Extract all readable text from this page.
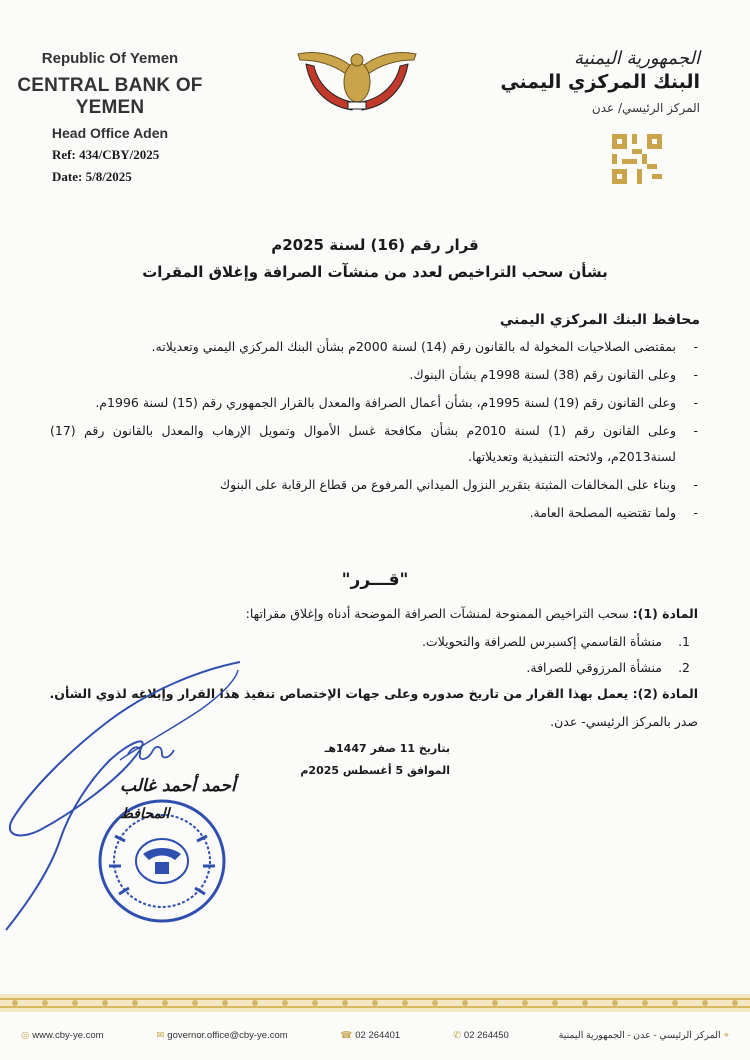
Republic Of Yemen
CENTRAL BANK OF YEMEN
Head Office Aden
Ref: 434/CBY/2025
Date: 5/8/2025
الجمهورية اليمنية
البنك المركزي اليمني
المركز الرئيسي/ عدن
قرار رقم (16) لسنة 2025م
بشأن سحب التراخيص لعدد من منشآت الصرافة وإغلاق المقرات
محافظ البنك المركزي اليمني
- بمقتضى الصلاحيات المخولة له بالقانون رقم (14) لسنة 2000م بشأن البنك المركزي اليمني وتعديلاته.
- وعلى القانون رقم (38) لسنة 1998م بشأن البنوك.
- وعلى القانون رقم (19) لسنة 1995م، بشأن أعمال الصرافة والمعدل بالقرار الجمهوري رقم (15) لسنة 1996م.
- وعلى القانون رقم (1) لسنة 2010م بشأن مكافحة غسل الأموال وتمويل الإرهاب والمعدل بالقانون رقم (17) لسنة2013م، ولائحته التنفيذية وتعديلاتها.
- وبناء على المخالفات المثبتة بتقرير النزول الميداني المرفوع من قطاع الرقابة على البنوك
- ولما تقتضيه المصلحة العامة.
"قـــرر"
المادة (1): سحب التراخيص الممنوحة لمنشآت الصرافة الموضحة أدناه وإغلاق مقراتها:
1.منشأة القاسمي إكسبرس للصرافة والتحويلات.
2.منشأة المرزوقي للصرافة.
المادة (2): يعمل بهذا القرار من تاريخ صدوره وعلى جهات الإختصاص تنفيذ هذا القرار وإبلاغه لذوي الشأن.
صدر بالمركز الرئيسي- عدن.
بتاريخ 11 صفر 1447هـ
الموافق 5 أغسطس 2025م
أحمد أحمد غالب
المحافظ
◎ www.cby-ye.com	✉ governor.office@cby-ye.com	☎ 02 264401	✆ 02 264450	⌖المركز الرئيسي - عدن - الجمهورية اليمنية
